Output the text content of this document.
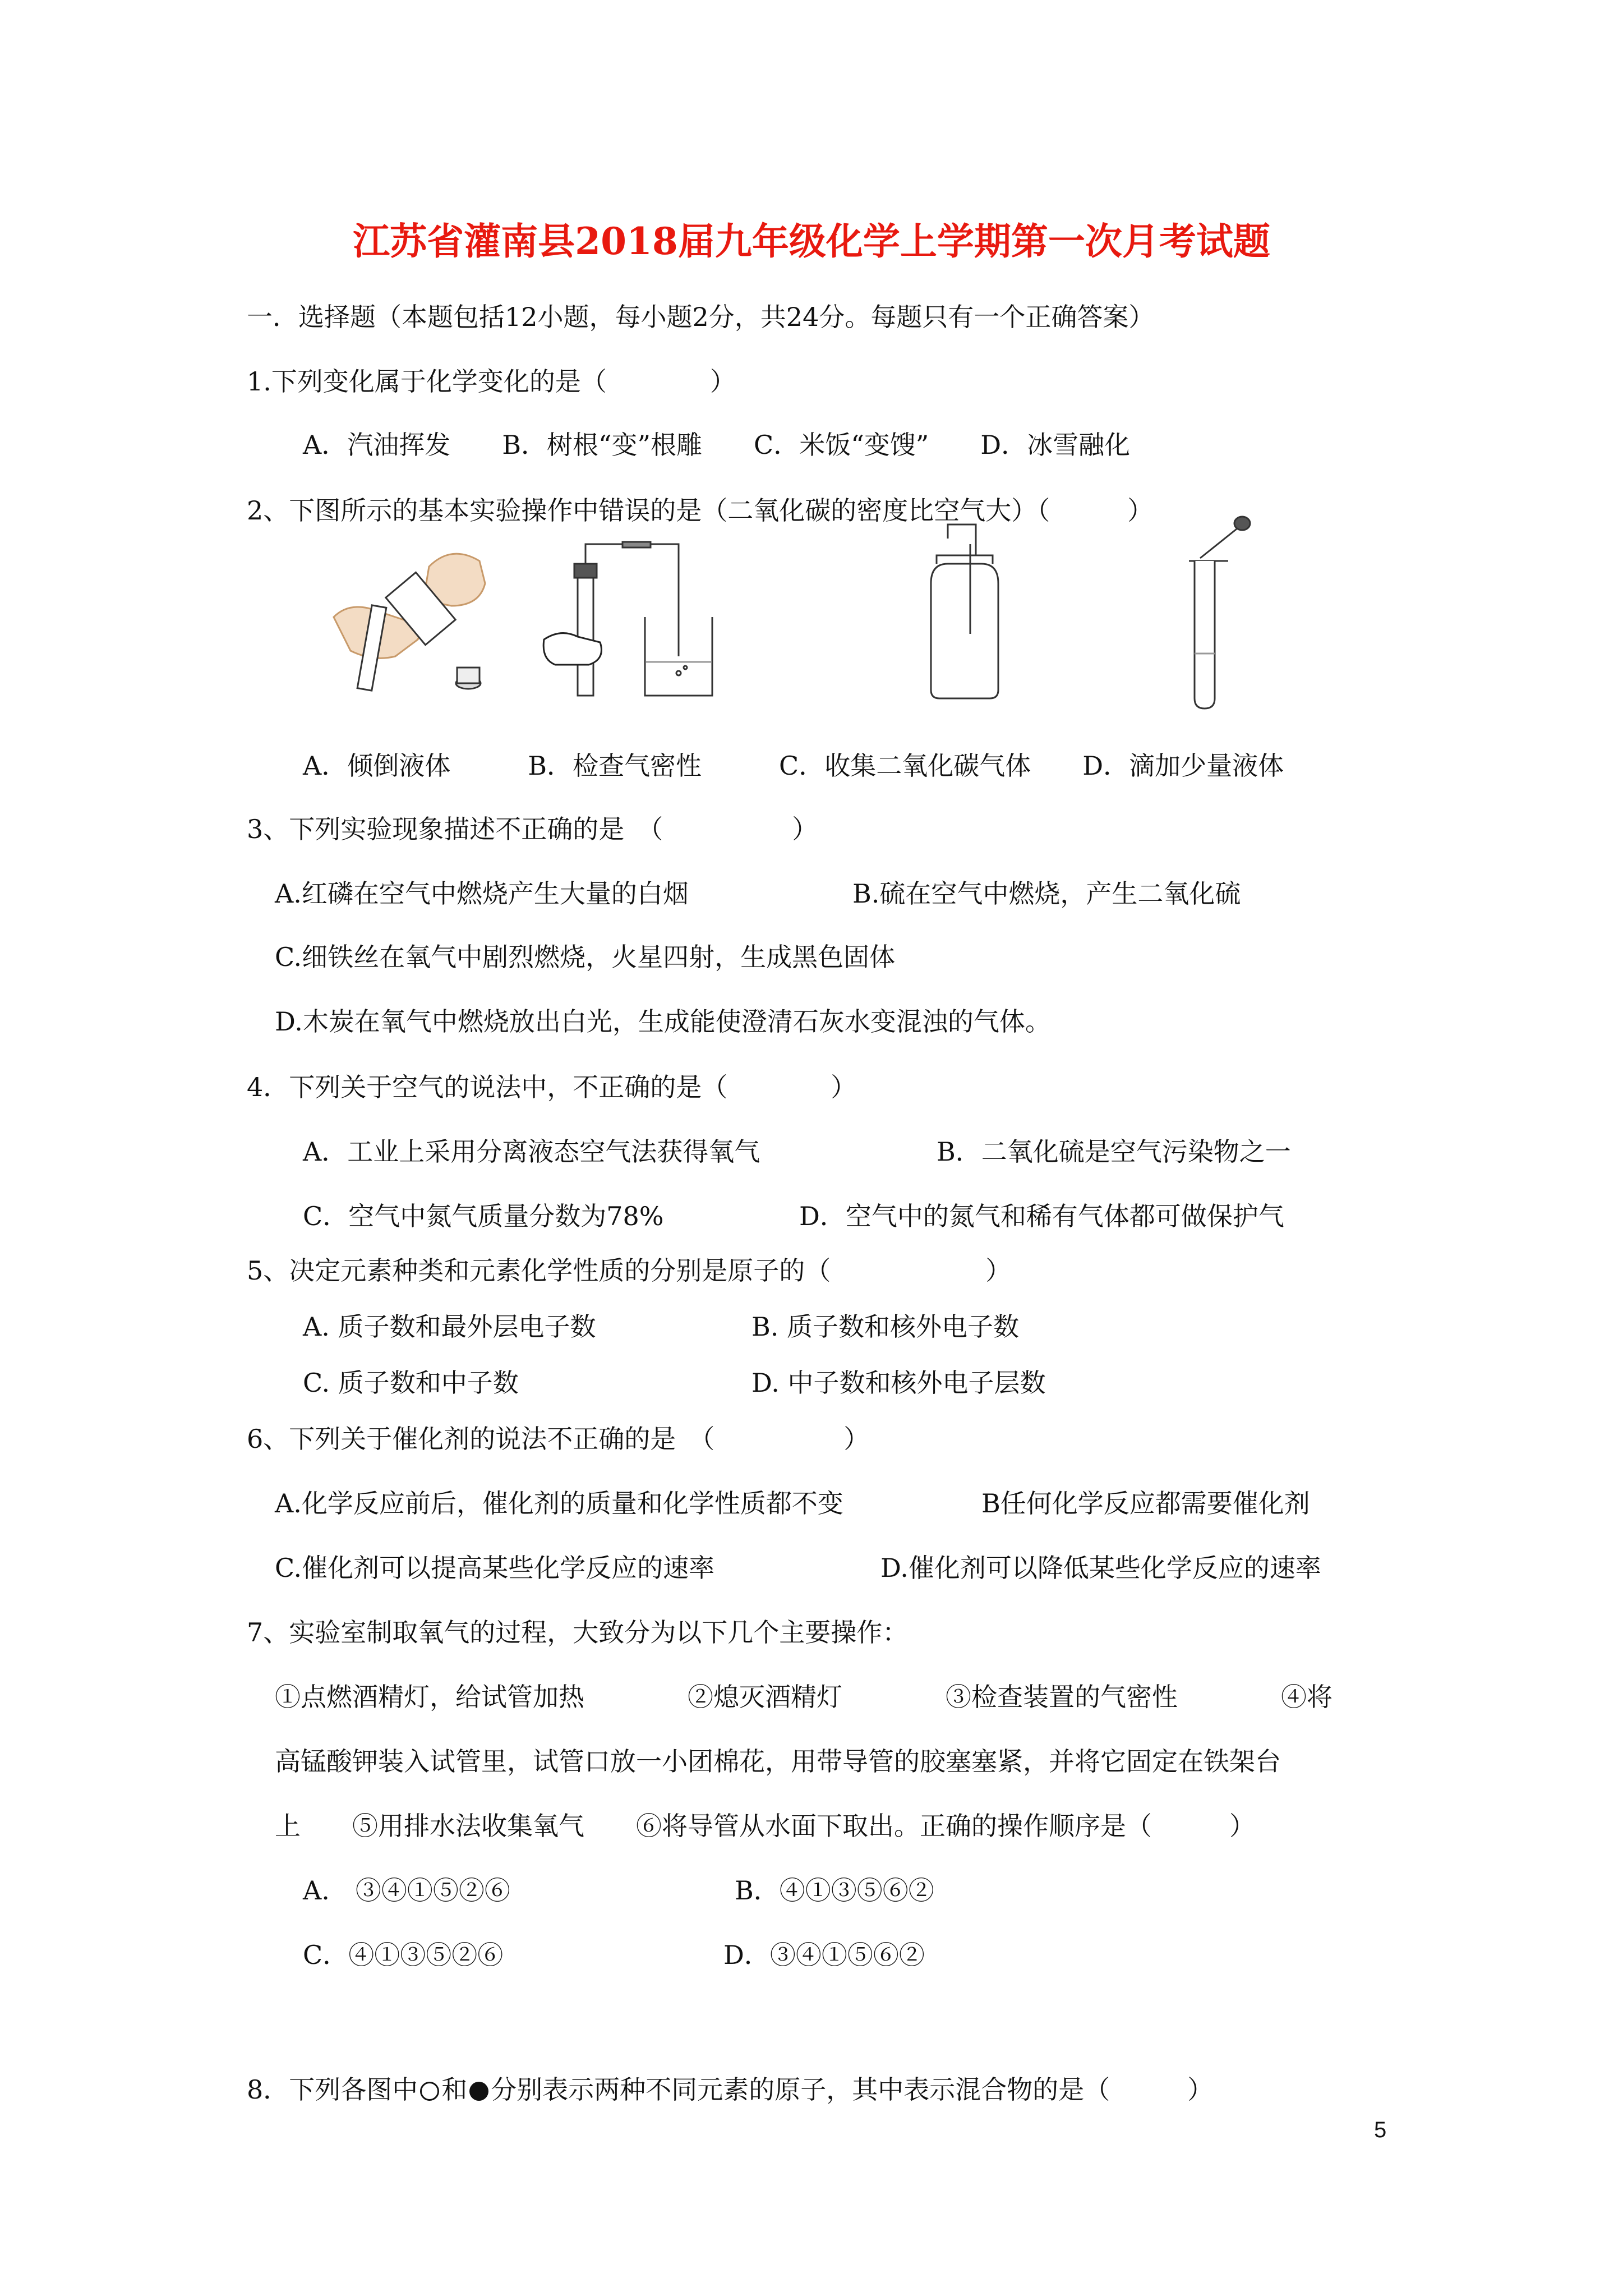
江苏省灌南县2018届九年级化学上学期第一次月考试题
一．选择题（本题包括12小题，每小题2分，共24分。每题只有一个正确答案）
1.下列变化属于化学变化的是（　　　　）
A．汽油挥发　　B．树根“变”根雕　　C．米饭“变馊”　　D．冰雪融化
2、下图所示的基本实验操作中错误的是（二氧化碳的密度比空气大）（　　　）
A．倾倒液体　　　B．检查气密性　　　C．收集二氧化碳气体　　D．滴加少量液体
3、下列实验现象描述不正确的是　（　　　　　）
A.红磷在空气中燃烧产生大量的白烟	B.硫在空气中燃烧，产生二氧化硫
C.细铁丝在氧气中剧烈燃烧，火星四射，生成黑色固体
D.木炭在氧气中燃烧放出白光，生成能使澄清石灰水变混浊的气体。
4．下列关于空气的说法中，不正确的是（　　　　）
A．工业上采用分离液态空气法获得氧气	B．二氧化硫是空气污染物之一
C．空气中氮气质量分数为78%	D．空气中的氮气和稀有气体都可做保护气
5、决定元素种类和元素化学性质的分别是原子的（　　　　　　）
A. 质子数和最外层电子数	B. 质子数和核外电子数
C. 质子数和中子数	D. 中子数和核外电子层数
6、下列关于催化剂的说法不正确的是　（　　　　　）
A.化学反应前后，催化剂的质量和化学性质都不变	B任何化学反应都需要催化剂
C.催化剂可以提高某些化学反应的速率	D.催化剂可以降低某些化学反应的速率
7、实验室制取氧气的过程，大致分为以下几个主要操作：
①点燃酒精灯，给试管加热　　　　②熄灭酒精灯　　　　③检查装置的气密性　　　　④将
高锰酸钾装入试管里，试管口放一小团棉花，用带导管的胶塞塞紧，并将它固定在铁架台
上　　⑤用排水法收集氧气　　⑥将导管从水面下取出。正确的操作顺序是（　　　）
A.　③④①⑤②⑥	B．④①③⑤⑥②
C．④①③⑤②⑥	D．③④①⑤⑥②
8．下列各图中 和 分别表示两种不同元素的原子，其中表示混合物的是（　　　）
5
